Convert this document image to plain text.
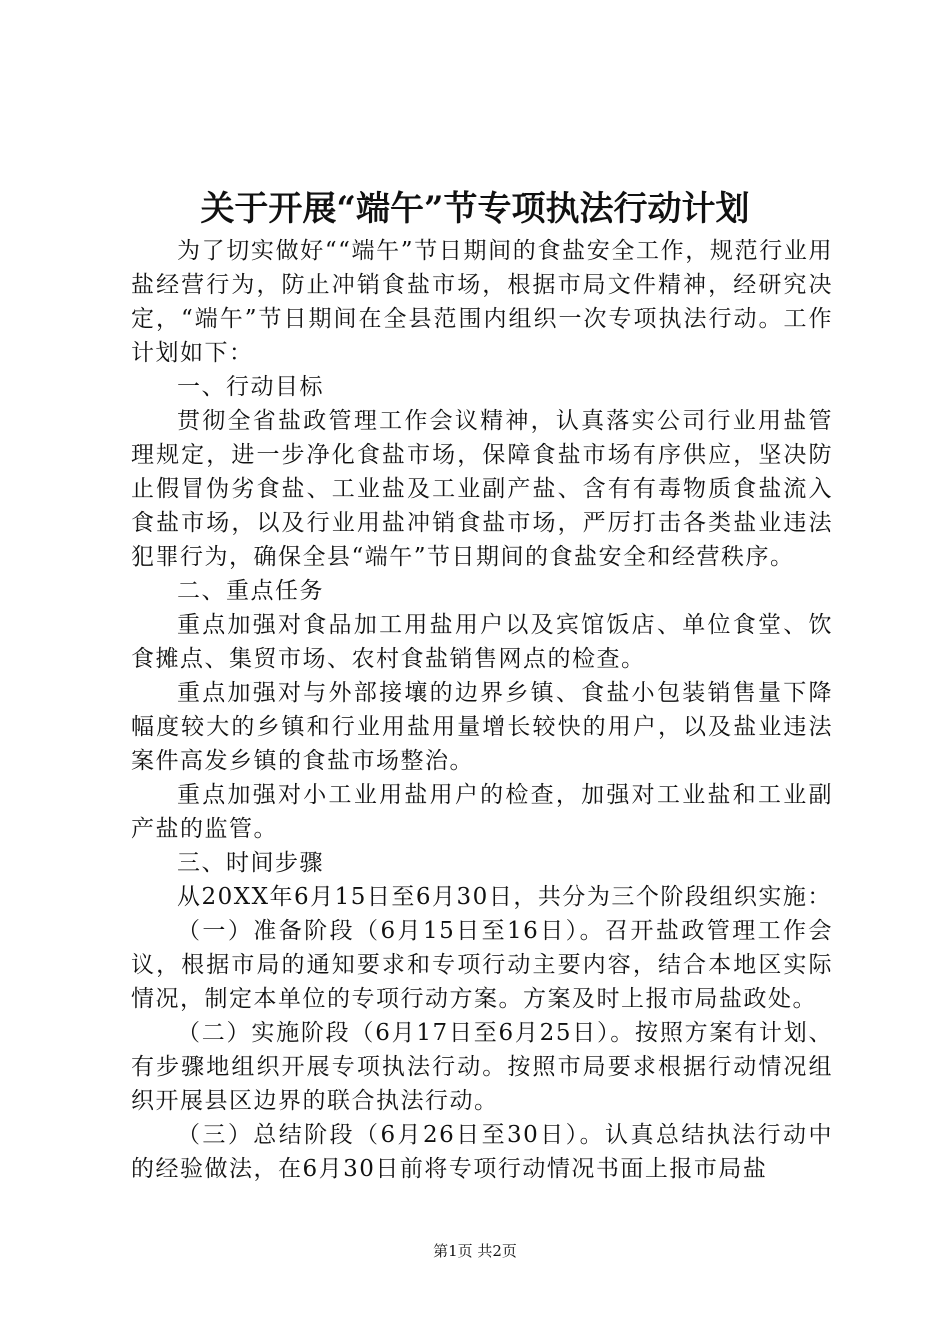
关于开展“端午”节专项执法行动计划

为了切实做好““端午”节日期间的食盐安全工作，规范行业用盐经营行为，防止冲销食盐市场，根据市局文件精神，经研究决定，“端午”节日期间在全县范围内组织一次专项执法行动。工作计划如下：

一、行动目标

贯彻全省盐政管理工作会议精神，认真落实公司行业用盐管理规定，进一步净化食盐市场，保障食盐市场有序供应，坚决防止假冒伪劣食盐、工业盐及工业副产盐、含有有毒物质食盐流入食盐市场，以及行业用盐冲销食盐市场，严厉打击各类盐业违法犯罪行为，确保全县“端午”节日期间的食盐安全和经营秩序。

二、重点任务

重点加强对食品加工用盐用户以及宾馆饭店、单位食堂、饮食摊点、集贸市场、农村食盐销售网点的检查。

重点加强对与外部接壤的边界乡镇、食盐小包装销售量下降幅度较大的乡镇和行业用盐用量增长较快的用户，以及盐业违法案件高发乡镇的食盐市场整治。

重点加强对小工业用盐用户的检查，加强对工业盐和工业副产盐的监管。

三、时间步骤

从20XX年6月15日至6月30日，共分为三个阶段组织实施：

（一）准备阶段（6月15日至16日）。召开盐政管理工作会议，根据市局的通知要求和专项行动主要内容，结合本地区实际情况，制定本单位的专项行动方案。方案及时上报市局盐政处。

（二）实施阶段（6月17日至6月25日）。按照方案有计划、有步骤地组织开展专项执法行动。按照市局要求根据行动情况组织开展县区边界的联合执法行动。

（三）总结阶段（6月26日至30日）。认真总结执法行动中的经验做法，在6月30日前将专项行动情况书面上报市局盐

第1页 共2页
